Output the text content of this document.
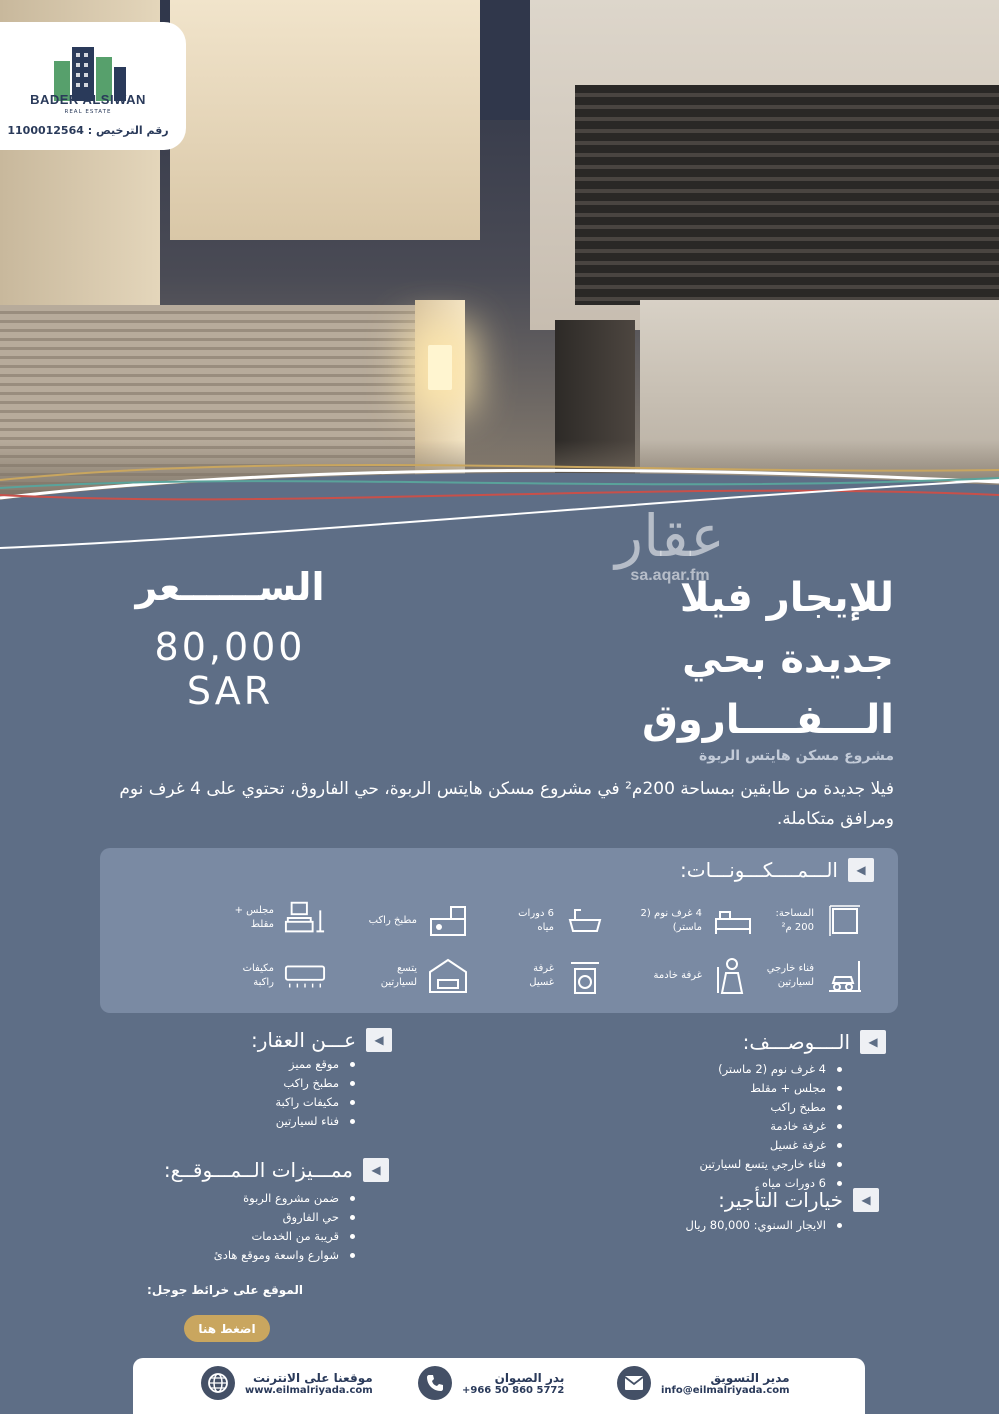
BADER ALSIWAN
REAL ESTATE
رقم الترخيص : 1100012564
عقار
sa.aqar.fm
للإيجار فيلا
جديدة بحي
الـــفــــاروق
الســــــعر
80,000
SAR
مشروع مسكن هايتس الربوة
فيلا جديدة من طابقين بمساحة 200م² في مشروع مسكن هايتس الربوة، حي الفاروق، تحتوي على 4 غرف نوم ومرافق متكاملة.
◀
الـــمــــكـــونـــات:
المساحة:
200 م²
4 غرف نوم (2
ماستر)
6 دورات
مياه
مطبخ راكب
مجلس +
مقلط
فناء خارجي
لسيارتين
غرفة خادمة
غرفة
غسيل
يتسع
لسيارتين
مكيفات
راكبة
◀
الــــوصـــف:
4 غرف نوم (2 ماستر)
مجلس + مقلط
مطبخ راكب
غرفة خادمة
غرفة غسيل
فناء خارجي يتسع لسيارتين
6 دورات مياه
◀
خيارات التأجير:
الايجار السنوي: 80,000 ريال
◀
عـــن العقار:
موقع مميز
مطبخ راكب
مكيفات راكبة
فناء لسيارتين
◀
ممـــيزات الــمـــوقــع:
ضمن مشروع الربوة
حي الفاروق
قريبة من الخدمات
شوارع واسعة وموقع هادئ
الموقع على خرائط جوجل:
اضغط هنا
موقعنا على الانترنت
www.eilmalriyada.com
بدر الصيوان
+966 50 860 5772
مدير التسويق
info@eilmalriyada.com
